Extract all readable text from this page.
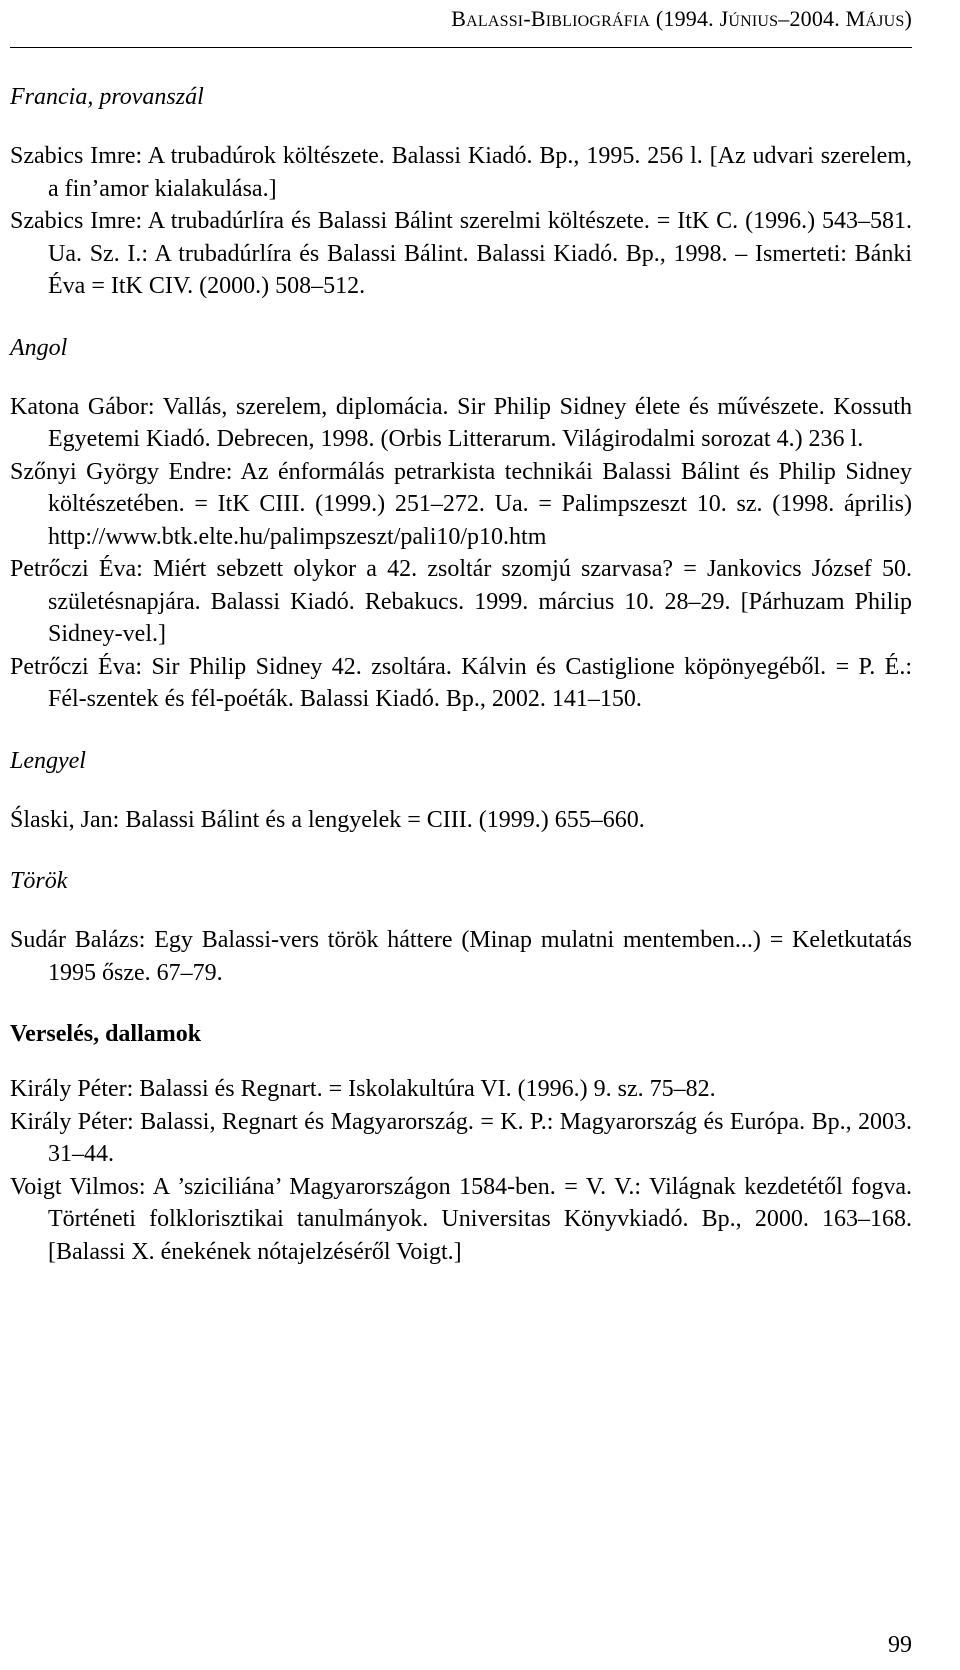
BALASSI-BIBLIOGRÁFIA (1994. JÚNIUS–2004. MÁJUS)

Francia, provanszál

Szabics Imre: A trubadúrok költészete. Balassi Kiadó. Bp., 1995. 256 l. [Az udvari szerelem, a fin’amor kialakulása.]

Szabics Imre: A trubadúrlíra és Balassi Bálint szerelmi költészete. = ItK C. (1996.) 543–581. Ua. Sz. I.: A trubadúrlíra és Balassi Bálint. Balassi Kiadó. Bp., 1998. – Ismerteti: Bánki Éva = ItK CIV. (2000.) 508–512.

Angol

Katona Gábor: Vallás, szerelem, diplomácia. Sir Philip Sidney élete és művészete. Kossuth Egyetemi Kiadó. Debrecen, 1998. (Orbis Litterarum. Világirodalmi sorozat 4.) 236 l.

Szőnyi György Endre: Az énformálás petrarkista technikái Balassi Bálint és Philip Sidney költészetében. = ItK CIII. (1999.) 251–272. Ua. = Palimpszeszt 10. sz. (1998. április) http://www.btk.elte.hu/palimpszeszt/pali10/p10.htm

Petrőczi Éva: Miért sebzett olykor a 42. zsoltár szomjú szarvasa? = Jankovics József 50. születésnapjára. Balassi Kiadó. Rebakucs. 1999. március 10. 28–29. [Párhuzam Philip Sidney-vel.]

Petrőczi Éva: Sir Philip Sidney 42. zsoltára. Kálvin és Castiglione köpönyegéből. = P. É.: Fél-szentek és fél-poéták. Balassi Kiadó. Bp., 2002. 141–150.

Lengyel

Ślaski, Jan: Balassi Bálint és a lengyelek = CIII. (1999.) 655–660.

Török

Sudár Balázs: Egy Balassi-vers török háttere (Minap mulatni mentemben...) = Keletkutatás 1995 ősze. 67–79.

Verselés, dallamok

Király Péter: Balassi és Regnart. = Iskolakultúra VI. (1996.) 9. sz. 75–82.

Király Péter: Balassi, Regnart és Magyarország. = K. P.: Magyarország és Európa. Bp., 2003. 31–44.

Voigt Vilmos: A ’sziciliána’ Magyarországon 1584-ben. = V. V.: Világnak kezdetétől fogva. Történeti folklorisztikai tanulmányok. Universitas Könyvkiadó. Bp., 2000. 163–168. [Balassi X. énekének nótajelzéséről Voigt.]

99
